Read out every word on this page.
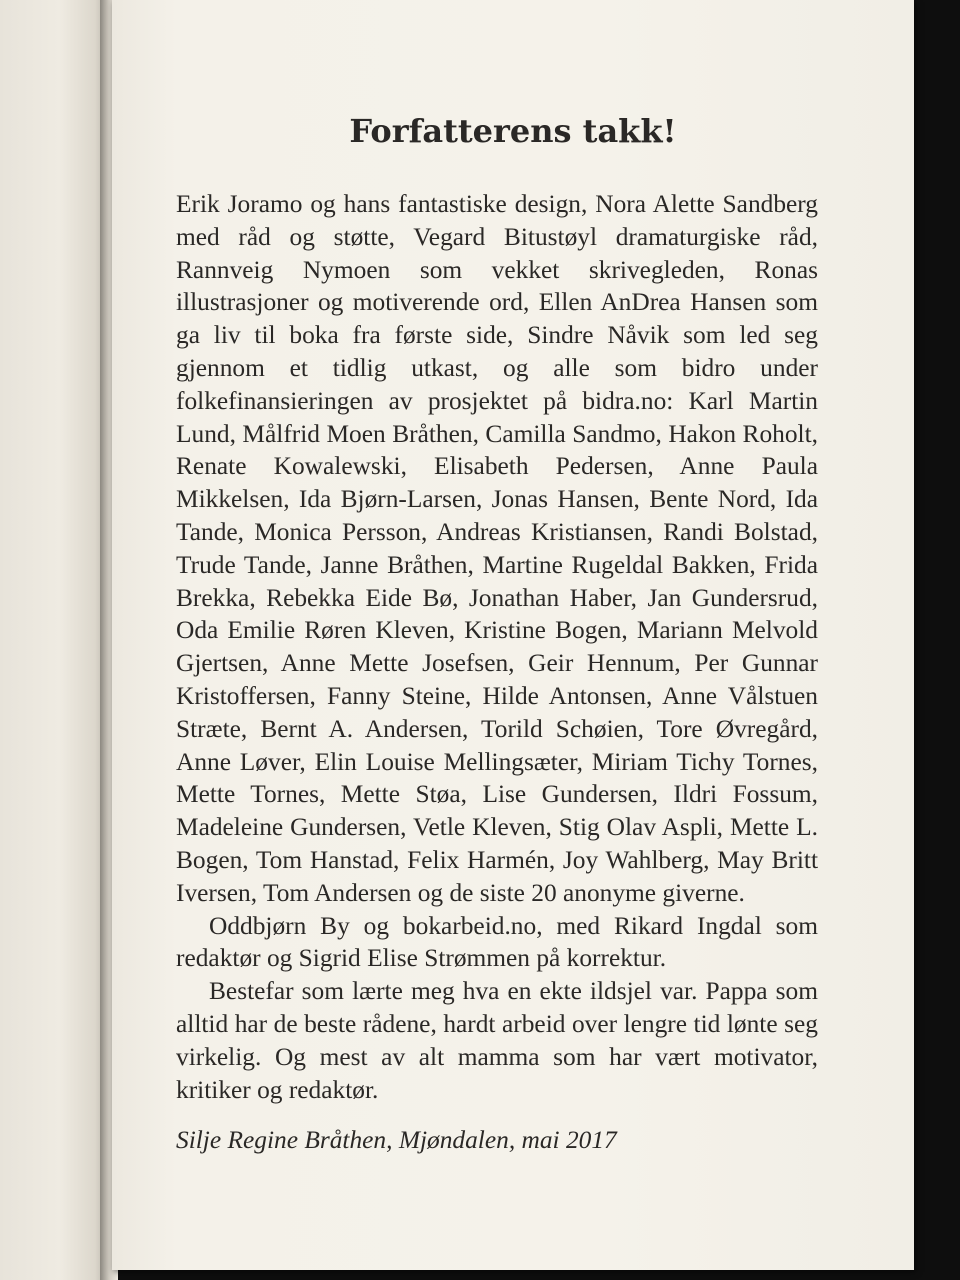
Forfatterens takk!

Erik Joramo og hans fantastiske design, Nora Alette Sandberg med råd og støtte, Vegard Bitustøyl dramaturgiske råd, Rannveig Nymoen som vekket skrivegleden, Ronas illustrasjoner og motiverende ord, Ellen AnDrea Hansen som ga liv til boka fra første side, Sindre Nåvik som led seg gjennom et tidlig utkast, og alle som bidro under folkefinansieringen av prosjektet på bidra.no: Karl Martin Lund, Målfrid Moen Bråthen, Camilla Sandmo, Hakon Roholt, Renate Kowalewski, Elisabeth Pedersen, Anne Paula Mikkelsen, Ida Bjørn-Larsen, Jonas Hansen, Bente Nord, Ida Tande, Monica Persson, Andreas Kristiansen, Randi Bolstad, Trude Tande, Janne Bråthen, Martine Rugeldal Bakken, Frida Brekka, Rebekka Eide Bø, Jonathan Haber, Jan Gundersrud, Oda Emilie Røren Kleven, Kristine Bogen, Mariann Melvold Gjertsen, Anne Mette Josefsen, Geir Hennum, Per Gunnar Kristoffersen, Fanny Steine, Hilde Antonsen, Anne Vålstuen Stræte, Bernt A. Andersen, Torild Schøien, Tore Øvregård, Anne Løver, Elin Louise Mellingsæter, Miriam Tichy Tornes, Mette Tornes, Mette Støa, Lise Gundersen, Ildri Fossum, Madeleine Gundersen, Vetle Kleven, Stig Olav Aspli, Mette L. Bogen, Tom Hanstad, Felix Harmén, Joy Wahlberg, May Britt Iversen, Tom Andersen og de siste 20 anonyme giverne.

Oddbjørn By og bokarbeid.no, med Rikard Ingdal som redaktør og Sigrid Elise Strømmen på korrektur.

Bestefar som lærte meg hva en ekte ildsjel var. Pappa som alltid har de beste rådene, hardt arbeid over lengre tid lønte seg virkelig. Og mest av alt mamma som har vært motivator, kritiker og redaktør.

Silje Regine Bråthen, Mjøndalen, mai 2017
